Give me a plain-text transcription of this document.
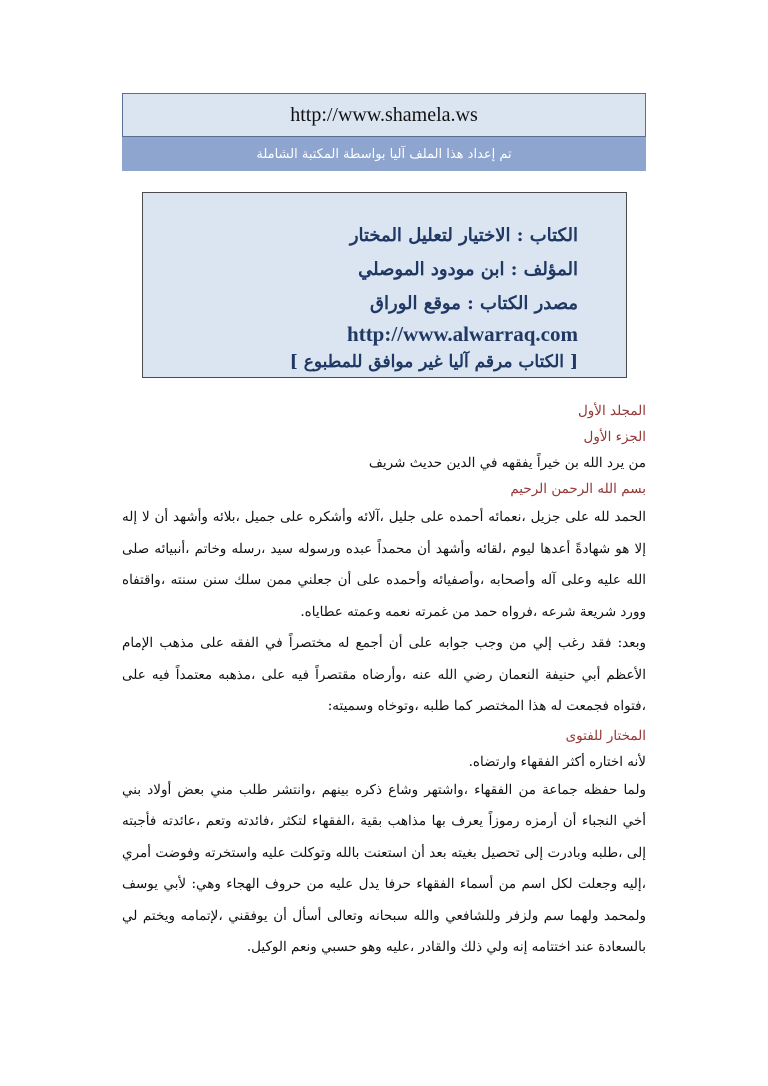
http://www.shamela.ws
تم إعداد هذا الملف آليا بواسطة المكتبة الشاملة
الكتاب : الاختيار لتعليل المختار
المؤلف : ابن مودود الموصلي
مصدر الكتاب : موقع الوراق
http://www.alwarraq.com
[ الكتاب مرقم آليا غير موافق للمطبوع ]
المجلد الأول
الجزء الأول
من يرد الله بن خيراً يفقهه في الدين حديث شريف
بسم الله الرحمن الرحيم
الحمد لله على جزيل ،نعمائه أحمده على جليل ،آلائه وأشكره على جميل ،بلائه وأشهد أن لا إله إلا هو شهادةً أعدها ليوم ،لقائه وأشهد أن محمداً عبده ورسوله سيد ،رسله وخاتم ،أنبيائه صلى الله عليه وعلى آله وأصحابه ،وأصفيائه وأحمده على أن جعلني ممن سلك سنن سنته ،واقتفاه وورد شريعة شرعه ،فرواه حمد من غمرته نعمه وعمته عطاياه.
وبعد: فقد رغب إلي من وجب جوابه على أن أجمع له مختصراً في الفقه على مذهب الإمام الأعظم أبي حنيفة النعمان رضي الله عنه ،وأرضاه مقتصراً فيه على ،مذهبه معتمداً فيه على ،فتواه فجمعت له هذا المختصر كما طلبه ،وتوخاه وسميته:
المختار للفتوى
لأنه اختاره أكثر الفقهاء وارتضاه.
ولما حفظه جماعة من الفقهاء ،واشتهر وشاع ذكره بينهم ،وانتشر طلب مني بعض أولاد بني أخي النجباء أن أرمزه رموزاً يعرف بها مذاهب بقية ،الفقهاء لتكثر ،فائدته وتعم ،عائدته فأجبته إلى ،طلبه وبادرت إلى تحصيل بغيته بعد أن استعنت بالله وتوكلت عليه واستخرته وفوضت أمري ،إليه وجعلت لكل اسم من أسماء الفقهاء حرفا يدل عليه من حروف الهجاء وهي: لأبي يوسف ولمحمد ولهما سم ولزفر وللشافعي والله سبحانه وتعالى أسأل أن يوفقني ،لإتمامه ويختم لي بالسعادة عند اختتامه إنه ولي ذلك والقادر ،عليه وهو حسبي ونعم الوكيل.
